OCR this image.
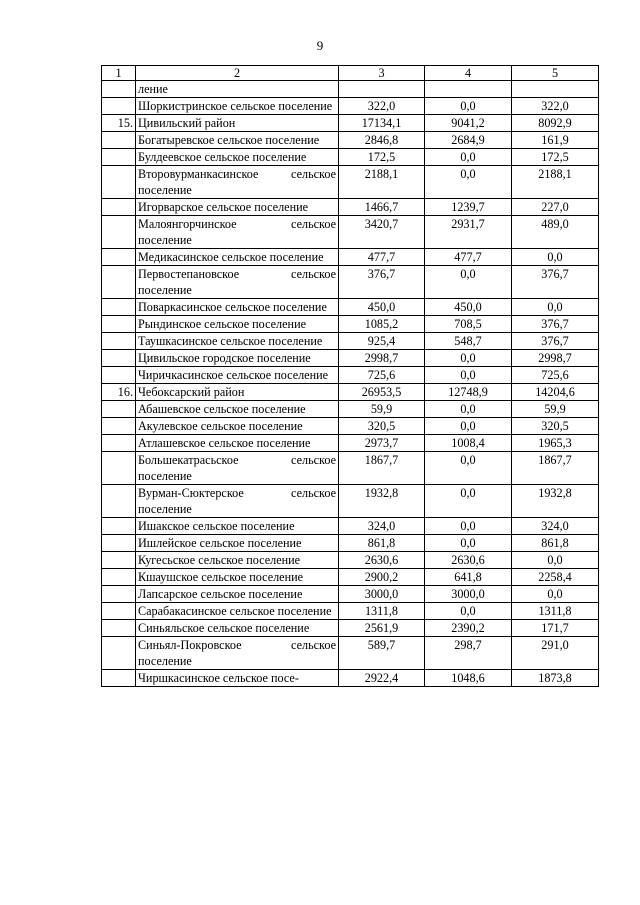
9
1	2	3	4	5
	ление			
	Шоркистринское сельское поселение	322,0	0,0	322,0
15.	Цивильский район	17134,1	9041,2	8092,9
	Богатыревское сельское поселение	2846,8	2684,9	161,9
	Булдеевское сельское поселение	172,5	0,0	172,5
	Второвурманкасинское сельское поселение	2188,1	0,0	2188,1
	Игорварское сельское поселение	1466,7	1239,7	227,0
	Малоянгорчинское сельское поселение	3420,7	2931,7	489,0
	Медикасинское сельское поселение	477,7	477,7	0,0
	Первостепановское сельское поселение	376,7	0,0	376,7
	Поваркасинское сельское поселение	450,0	450,0	0,0
	Рындинское сельское поселение	1085,2	708,5	376,7
	Таушкасинское сельское поселение	925,4	548,7	376,7
	Цивильское городское поселение	2998,7	0,0	2998,7
	Чиричкасинское сельское поселение	725,6	0,0	725,6
16.	Чебоксарский район	26953,5	12748,9	14204,6
	Абашевское сельское поселение	59,9	0,0	59,9
	Акулевское сельское поселение	320,5	0,0	320,5
	Атлашевское сельское поселение	2973,7	1008,4	1965,3
	Большекатрасьское сельское поселение	1867,7	0,0	1867,7
	Вурман-Сюктерское сельское поселение	1932,8	0,0	1932,8
	Ишакское сельское поселение	324,0	0,0	324,0
	Ишлейское сельское поселение	861,8	0,0	861,8
	Кугесьское сельское поселение	2630,6	2630,6	0,0
	Кшаушское сельское поселение	2900,2	641,8	2258,4
	Лапсарское сельское поселение	3000,0	3000,0	0,0
	Сарабакасинское сельское поселение	1311,8	0,0	1311,8
	Синьяльское сельское поселение	2561,9	2390,2	171,7
	Синьял-Покровское сельское поселение	589,7	298,7	291,0
	Чиршкасинское сельское посе-	2922,4	1048,6	1873,8
